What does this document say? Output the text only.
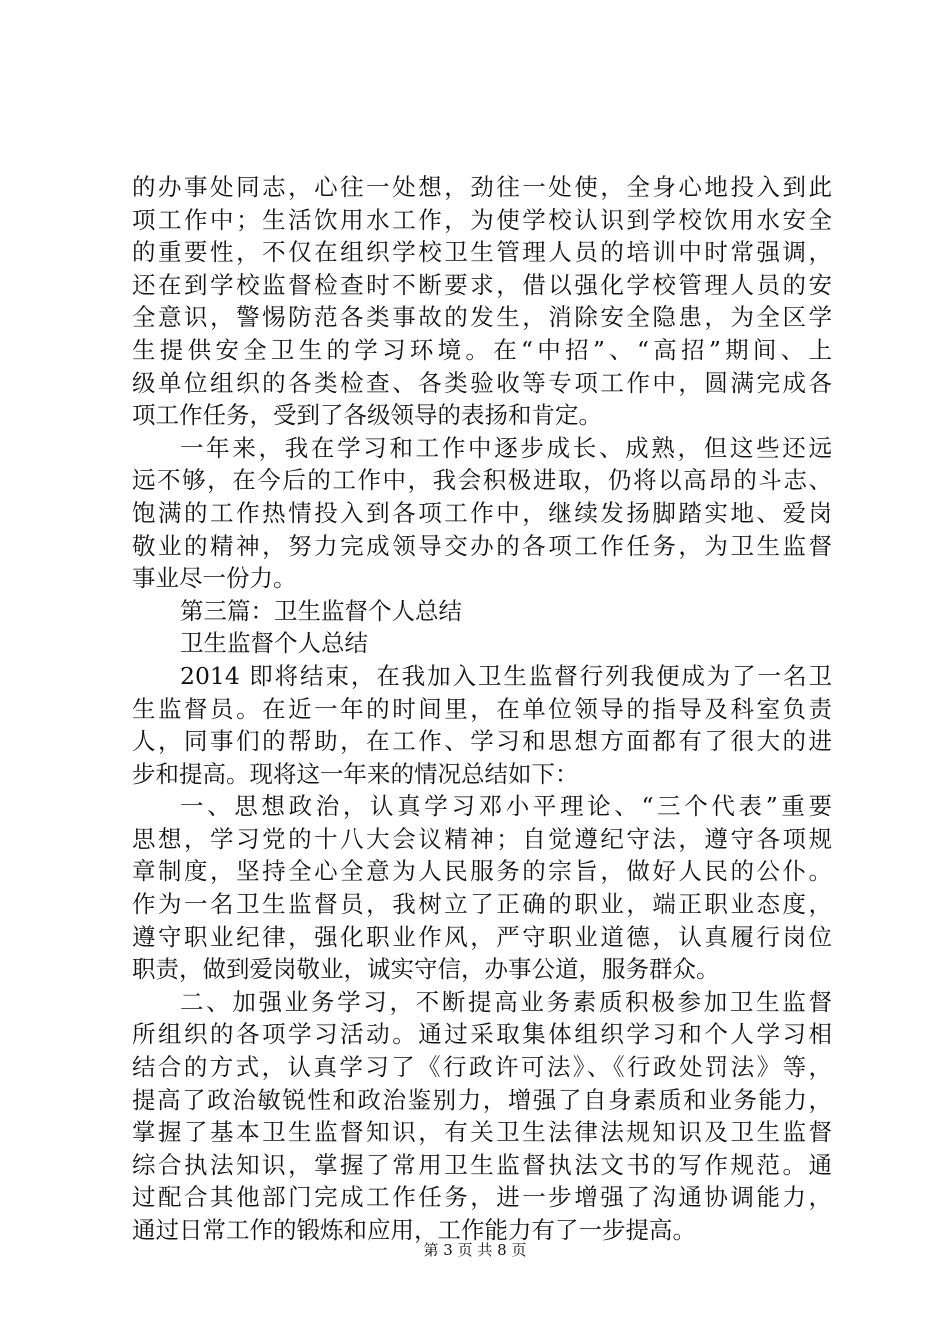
的办事处同志，心往一处想，劲往一处使，全身心地投入到此
项工作中；生活饮用水工作，为使学校认识到学校饮用水安全
的重要性，不仅在组织学校卫生管理人员的培训中时常强调，
还在到学校监督检查时不断要求，借以强化学校管理人员的安
全意识，警惕防范各类事故的发生，消除安全隐患，为全区学
生提供安全卫生的学习环境。在“中招”、“高招”期间、上
级单位组织的各类检查、各类验收等专项工作中，圆满完成各
项工作任务，受到了各级领导的表扬和肯定。
一年来，我在学习和工作中逐步成长、成熟，但这些还远
远不够，在今后的工作中，我会积极进取，仍将以高昂的斗志、
饱满的工作热情投入到各项工作中，继续发扬脚踏实地、爱岗
敬业的精神，努力完成领导交办的各项工作任务，为卫生监督
事业尽一份力。
第三篇：卫生监督个人总结
卫生监督个人总结
2014 即将结束，在我加入卫生监督行列我便成为了一名卫
生监督员。在近一年的时间里，在单位领导的指导及科室负责
人，同事们的帮助，在工作、学习和思想方面都有了很大的进
步和提高。现将这一年来的情况总结如下：
一、思想政治，认真学习邓小平理论、“三个代表”重要
思想，学习党的十八大会议精神；自觉遵纪守法，遵守各项规
章制度，坚持全心全意为人民服务的宗旨，做好人民的公仆。
作为一名卫生监督员，我树立了正确的职业，端正职业态度，
遵守职业纪律，强化职业作风，严守职业道德，认真履行岗位
职责，做到爱岗敬业，诚实守信，办事公道，服务群众。
二、加强业务学习，不断提高业务素质积极参加卫生监督
所组织的各项学习活动。通过采取集体组织学习和个人学习相
结合的方式，认真学习了《行政许可法》、《行政处罚法》等，
提高了政治敏锐性和政治鉴别力，增强了自身素质和业务能力，
掌握了基本卫生监督知识，有关卫生法律法规知识及卫生监督
综合执法知识，掌握了常用卫生监督执法文书的写作规范。通
过配合其他部门完成工作任务，进一步增强了沟通协调能力，
通过日常工作的锻炼和应用，工作能力有了一步提高。
第 3 页 共 8 页
